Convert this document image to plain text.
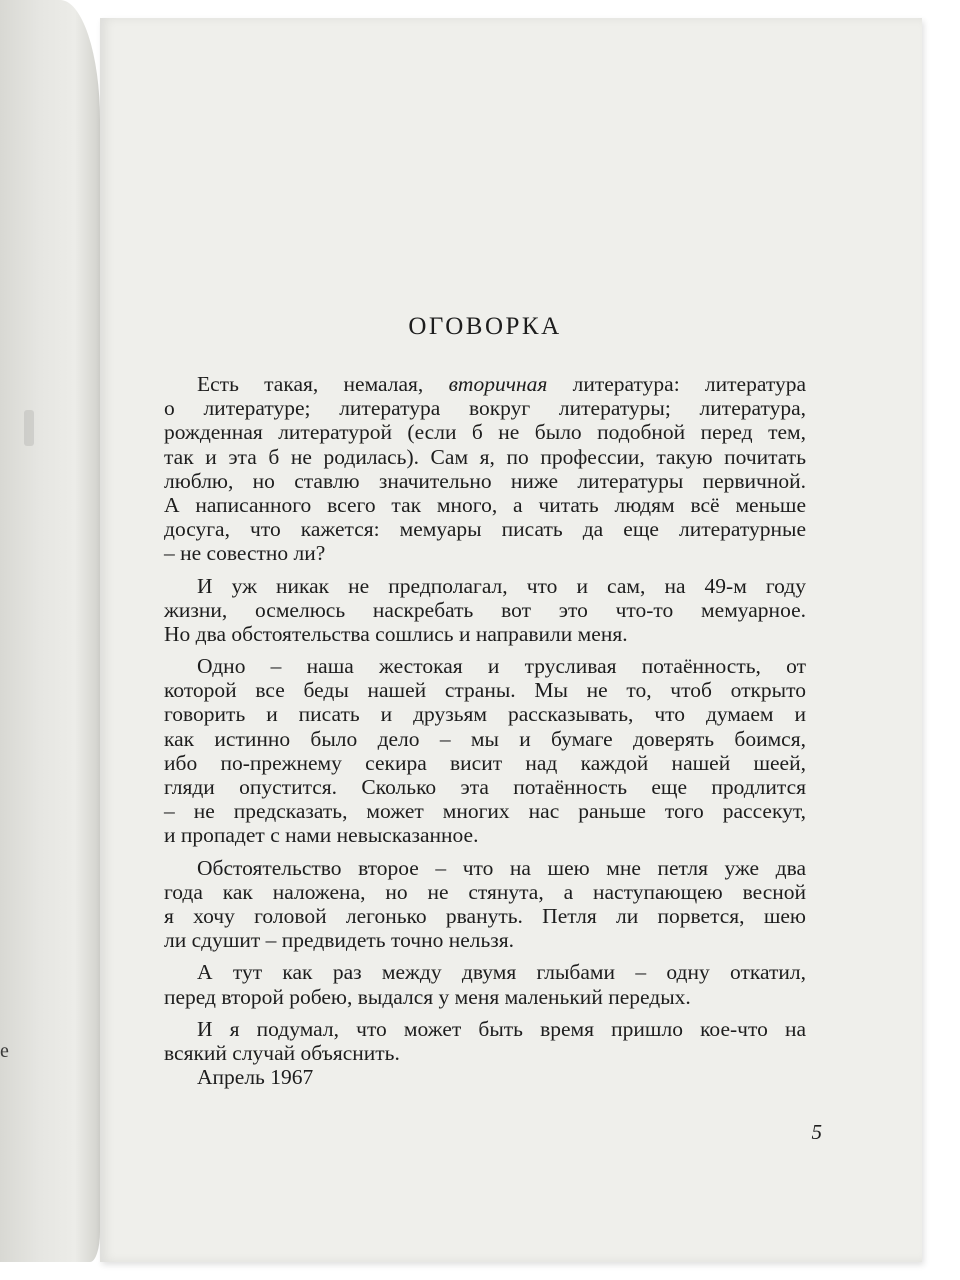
e
ОГОВОРКА
Есть такая, немалая, вторичная литература: литература
о литературе; литература вокруг литературы; литература,
рожденная литературой (если б не было подобной перед тем,
так и эта б не родилась). Сам я, по профессии, такую почитать
люблю, но ставлю значительно ниже литературы первичной.
А написанного всего так много, а читать людям всё меньше
досуга, что кажется: мемуары писать да еще литературные
– не совестно ли?
И уж никак не предполагал, что и сам, на 49-м году
жизни, осмелюсь наскребать вот это что-то мемуарное.
Но два обстоятельства сошлись и направили меня.
Одно – наша жестокая и трусливая потаённость, от
которой все беды нашей страны. Мы не то, чтоб открыто
говорить и писать и друзьям рассказывать, что думаем и
как истинно было дело – мы и бумаге доверять боимся,
ибо по-прежнему секира висит над каждой нашей шеей,
гляди опустится. Сколько эта потаённость еще продлится
– не предсказать, может многих нас раньше того рассекут,
и пропадет с нами невысказанное.
Обстоятельство второе – что на шею мне петля уже два
года как наложена, но не стянута, а наступающею весной
я хочу головой легонько рвануть. Петля ли порвется, шею
ли сдушит – предвидеть точно нельзя.
А тут как раз между двумя глыбами – одну откатил,
перед второй робею, выдался у меня маленький передых.
И я подумал, что может быть время пришло кое-что на
всякий случай объяснить.
Апрель 1967
5
